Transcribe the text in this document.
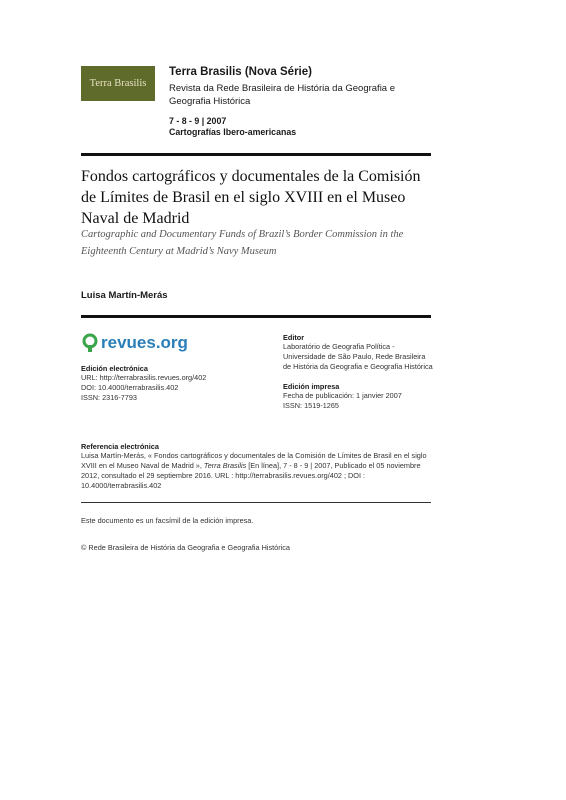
Terra Brasilis
Terra Brasilis (Nova Série)
Revista da Rede Brasileira de História da Geografia e Geografia Histórica
7 - 8 - 9 | 2007
Cartografías Ibero-americanas
Fondos cartográficos y documentales de la Comisión de Límites de Brasil en el siglo XVIII en el Museo Naval de Madrid
Cartographic and Documentary Funds of Brazil’s Border Commission in the Eighteenth Century at Madrid’s Navy Museum
Luisa Martín-Merás
revues.org
Edición electrónica
URL: http://terrabrasilis.revues.org/402
DOI: 10.4000/terrabrasilis.402
ISSN: 2316-7793
Editor
Laboratório de Geografia Política - Universidade de São Paulo, Rede Brasileira de História da Geografia e Geografia Histórica
Edición impresa
Fecha de publicación: 1 janvier 2007
ISSN: 1519-1265
Referencia electrónica
Luisa Martín-Merás, « Fondos cartográficos y documentales de la Comisión de Límites de Brasil en el siglo XVIII en el Museo Naval de Madrid », Terra Brasilis [En línea], 7 - 8 - 9 | 2007, Publicado el 05 noviembre 2012, consultado el 29 septiembre 2016. URL : http://terrabrasilis.revues.org/402 ; DOI : 10.4000/terrabrasilis.402
Este documento es un facsímil de la edición impresa.
© Rede Brasileira de História da Geografia e Geografia Histórica
